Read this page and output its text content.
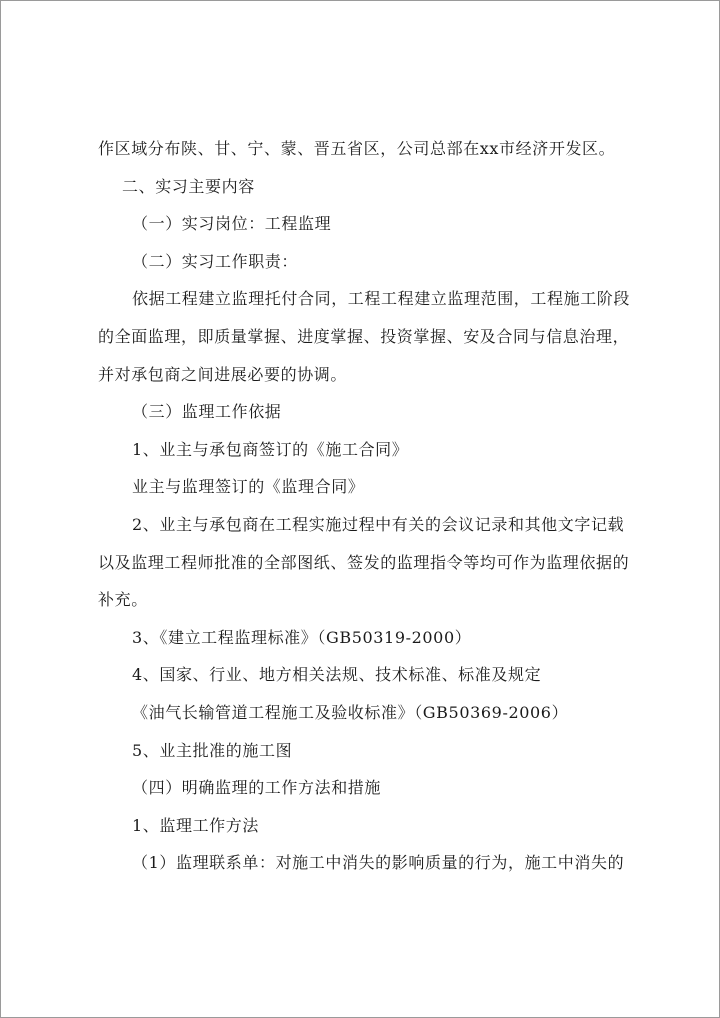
作区域分布陕、甘、宁、蒙、晋五省区，公司总部在xx市经济开发区。
二、实习主要内容
（一）实习岗位：工程监理
（二）实习工作职责：
依据工程建立监理托付合同，工程工程建立监理范围，工程施工阶段
的全面监理，即质量掌握、进度掌握、投资掌握、安及合同与信息治理，
并对承包商之间进展必要的协调。
（三）监理工作依据
1、业主与承包商签订的《施工合同》
业主与监理签订的《监理合同》
2、业主与承包商在工程实施过程中有关的会议记录和其他文字记载
以及监理工程师批准的全部图纸、签发的监理指令等均可作为监理依据的
补充。
3、《建立工程监理标准》（GB50319-2000）
4、国家、行业、地方相关法规、技术标准、标准及规定
《油气长输管道工程施工及验收标准》（GB50369-2006）
5、业主批准的施工图
（四）明确监理的工作方法和措施
1、监理工作方法
（1）监理联系单：对施工中消失的影响质量的行为，施工中消失的
